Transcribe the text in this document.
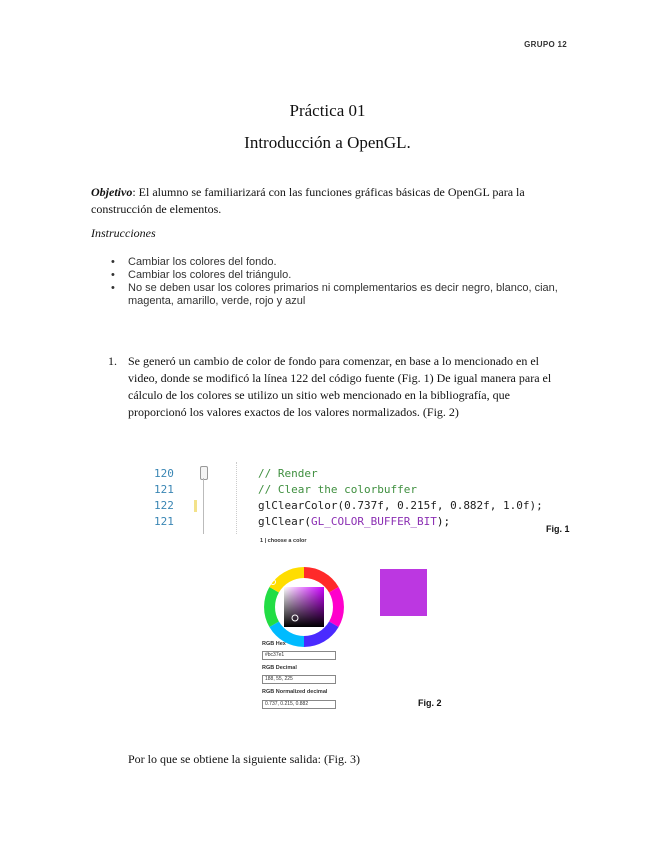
GRUPO 12
Práctica 01
Introducción a OpenGL.
Objetivo: El alumno se familiarizará con las funciones gráficas básicas de OpenGL para la construcción de elementos.
Instrucciones
• Cambiar los colores del fondo.
• Cambiar los colores del triángulo.
• No se deben usar los colores primarios ni complementarios es decir negro, blanco, cian, magenta, amarillo, verde, rojo y azul
1. Se generó un cambio de color de fondo para comenzar, en base a lo mencionado en el video, donde se modificó la línea 122 del código fuente (Fig. 1) De igual manera para el cálculo de los colores se utilizo un sitio web mencionado en la bibliografía, que proporcionó los valores exactos de los valores normalizados. (Fig. 2)
120	// Render
121	// Clear the colorbuffer
122	glClearColor(0.737f, 0.215f, 0.882f, 1.0f);
121	glClear(GL_COLOR_BUFFER_BIT);
Fig. 1
1 | choose a color
RGB Hex
#bc37e1
RGB Decimal
188, 55, 225
RGB Normalized decimal
0.737, 0.215, 0.882	Fig. 2
Por lo que se obtiene la siguiente salida: (Fig. 3)
